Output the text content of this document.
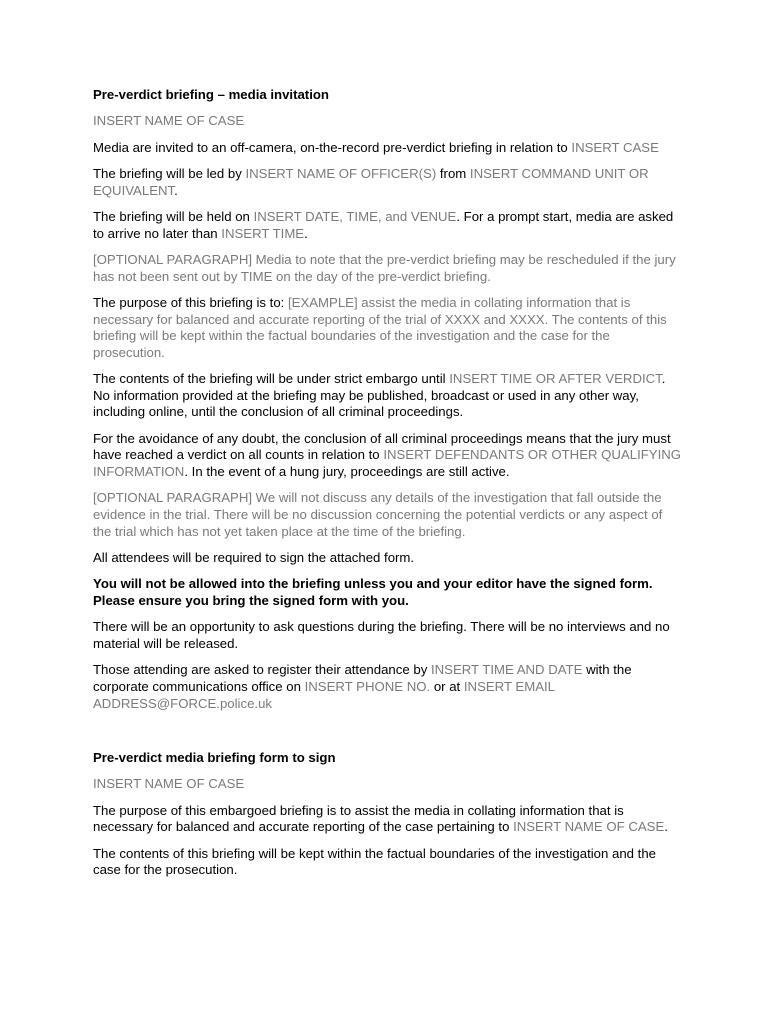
Pre-verdict briefing – media invitation

INSERT NAME OF CASE

Media are invited to an off-camera, on-the-record pre-verdict briefing in relation to INSERT CASE

The briefing will be led by INSERT NAME OF OFFICER(S) from INSERT COMMAND UNIT OR EQUIVALENT.

The briefing will be held on INSERT DATE, TIME, and VENUE. For a prompt start, media are asked to arrive no later than INSERT TIME.

[OPTIONAL PARAGRAPH] Media to note that the pre-verdict briefing may be rescheduled if the jury has not been sent out by TIME on the day of the pre-verdict briefing.

The purpose of this briefing is to: [EXAMPLE] assist the media in collating information that is necessary for balanced and accurate reporting of the trial of XXXX and XXXX. The contents of this briefing will be kept within the factual boundaries of the investigation and the case for the prosecution.

The contents of the briefing will be under strict embargo until INSERT TIME OR AFTER VERDICT. No information provided at the briefing may be published, broadcast or used in any other way, including online, until the conclusion of all criminal proceedings.

For the avoidance of any doubt, the conclusion of all criminal proceedings means that the jury must have reached a verdict on all counts in relation to INSERT DEFENDANTS OR OTHER QUALIFYING INFORMATION. In the event of a hung jury, proceedings are still active.

[OPTIONAL PARAGRAPH] We will not discuss any details of the investigation that fall outside the evidence in the trial. There will be no discussion concerning the potential verdicts or any aspect of the trial which has not yet taken place at the time of the briefing.

All attendees will be required to sign the attached form.

You will not be allowed into the briefing unless you and your editor have the signed form. Please ensure you bring the signed form with you.

There will be an opportunity to ask questions during the briefing. There will be no interviews and no material will be released.

Those attending are asked to register their attendance by INSERT TIME AND DATE with the corporate communications office on INSERT PHONE NO. or at INSERT EMAIL ADDRESS@FORCE.police.uk

Pre-verdict media briefing form to sign

INSERT NAME OF CASE

The purpose of this embargoed briefing is to assist the media in collating information that is necessary for balanced and accurate reporting of the case pertaining to INSERT NAME OF CASE.

The contents of this briefing will be kept within the factual boundaries of the investigation and the case for the prosecution.
